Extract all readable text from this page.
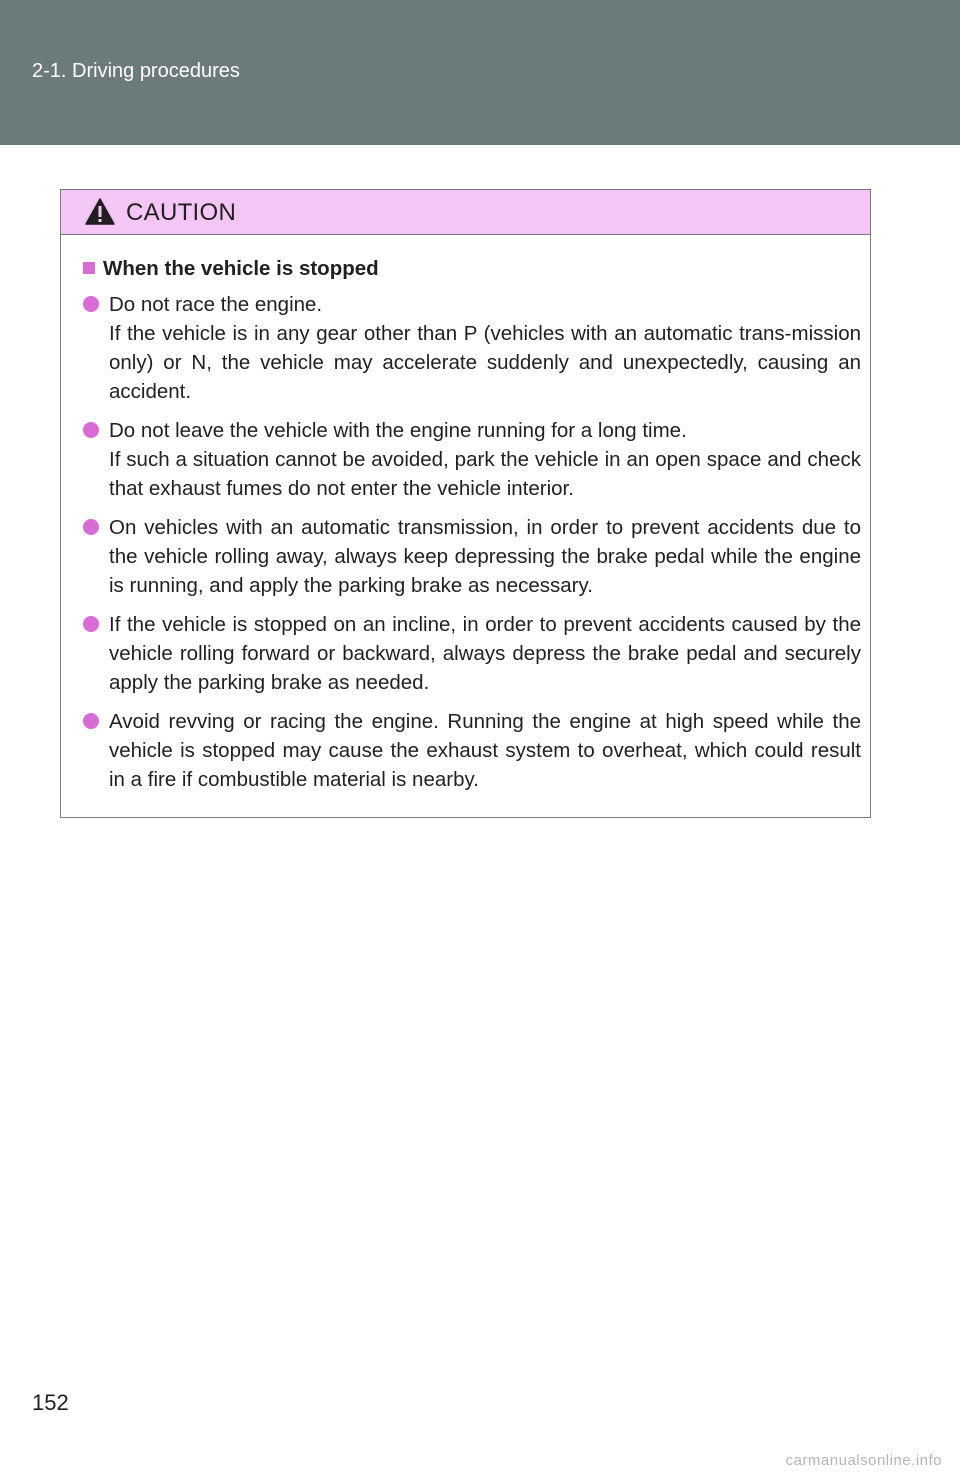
2-1. Driving procedures
CAUTION
When the vehicle is stopped

Do not race the engine.

If the vehicle is in any gear other than P (vehicles with an automatic trans-mission only) or N, the vehicle may accelerate suddenly and unexpectedly, causing an accident.

Do not leave the vehicle with the engine running for a long time.

If such a situation cannot be avoided, park the vehicle in an open space and check that exhaust fumes do not enter the vehicle interior.

On vehicles with an automatic transmission, in order to prevent accidents due to the vehicle rolling away, always keep depressing the brake pedal while the engine is running, and apply the parking brake as necessary.

If the vehicle is stopped on an incline, in order to prevent accidents caused by the vehicle rolling forward or backward, always depress the brake pedal and securely apply the parking brake as needed.

Avoid revving or racing the engine. Running the engine at high speed while the vehicle is stopped may cause the exhaust system to overheat, which could result in a fire if combustible material is nearby.

152
carmanualsonline.info
